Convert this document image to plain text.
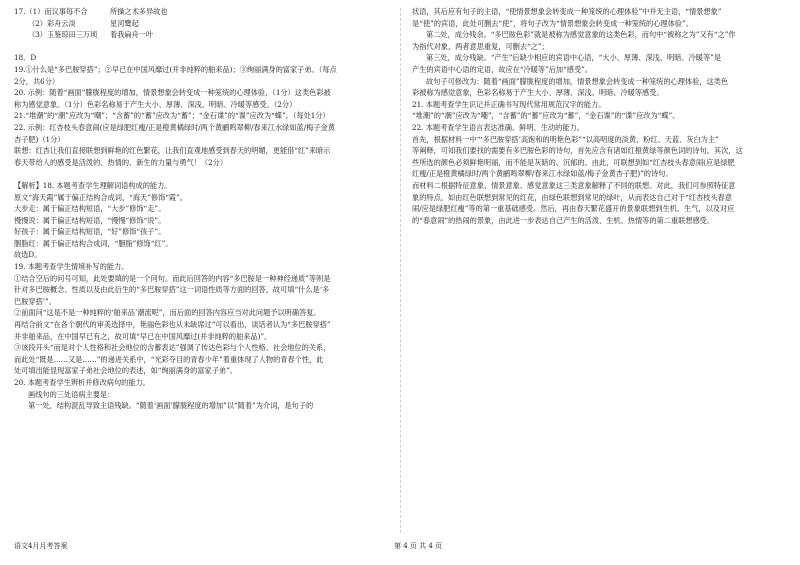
17.（1）而议事每不合	所操之术多异故也
（2）彩舟云淡	星河鹭起
（3）玉鉴琼田三万顷 着我扁舟一叶
18．D
19.①什么是“多巴胺穿搭”；②早已在中国风靡过(并非纯粹的舶来品)；③绚丽满身的富家子弟。（每点
2分，共6分）
20. 示例：随着“画面”朦胧程度的增加，情景想象会转变成一种笼统的心理体验，（1分）这类色彩被
称为感觉意象。（1分）色彩名称易于产生大小、厚薄、深浅、明暗、冷暖等感受。（2分）
21.“堆潮”的“潮”应改为“嘲”；“含蓄”的“蓄”应改为“蓄”；“金石谍”的“谍”应改为“蝶”。（每处1分）
22. 示例：红杏枝头春意闹(应是绿肥红瘦/正是橙黄橘绿时/两个黄鹂鸣翠柳/春来江水绿如蓝/梅子金黄
杏子肥)（1分）
联想：红杏让我们直接联想到鲜艳的红色繁花，让我们直观地感受到春天的明媚，更能借“红”来暗示
春天带给人的感受是活泼的、热情的、新生的力量与勇气！（2分）
【解析】18. 本题考查学生理解词语构成的能力。
原文“海天霞”属于偏正结构合成词，“海天”修饰“霞”。
大步走：属于偏正结构短语，“大步”修饰“走”。
慢慢说：属于偏正结构短语，“慢慢”修饰“说”。
好孩子：属于偏正结构短语，“好”修饰“孩子”。
胭脂红：属于偏正结构合成词，“胭脂”修饰“红”。
故选D。
19. 本题考查学生情境补写的能力。
①结合空后的问号可知，此处要填的是一个问句。而此后回答的内容“多巴胺是一种神经递质”等则是
针对多巴胺概念、性质以及由此衍生的“多巴胺穿搭”这一词语性质等方面的回答，故可填“什么是‘多
巴胺穿搭’”。
②前面问“这是不是一种纯粹的‘舶来品’潮流呢”，而后面的回答内容应当对此问题予以明确答复。
再结合前文“在各个朝代的审美选择中，艳丽色彩也从未缺席过”可以看出，谈话者认为“多巴胺穿搭”
并非舶来品，在中国早已有之，故可填“早已在中国风靡过(并非纯粹的舶来品)”。
③该段开头“而是对个人性格和社会地位的含蓄表达”强调了传达色彩与个人性格、社会地位的关系，
而此处“既是……又是……”的递进关系中，“光彩夺目的青春少年”着重体现了人物的青春个性，此
处可填出能显现富家子弟社会地位的表述，如“绚丽满身的富家子弟”。
20. 本题考查学生辨析并修改病句的能力。
画线句的三处语病主要是：
第一处，结构混乱导致主语残缺。“随着‘画面’朦胧程度的增加”以“随着”为介词，是句子的
状语，其后应有句子的主语，“使情景想象会转变成一种笼统的心理体验”中并无主语，“情景想象”
是“使”的宾语，此处可删去“使”，将句子改为“情景想象会转变成一种笼统的心理体验”。
第二处，成分残余。“多巴胺色彩”就是被称为感觉意象的这类色彩，而句中“被称之为”又有“之”作
为指代对象，两者意思重复，可删去“之”；
第三处，成分残缺。“产生”后缺少相应的宾语中心语，“大小、厚薄、深浅、明暗、冷暖等”是
产生的宾语中心语的定语，故应在“冷暖等”后加“感受”。
故句子可修改为：随着“画面”朦胧程度的增加，情景想象会转变成一种笼统的心理体验，这类色
彩被称为感觉意象，色彩名称易于产生大小、厚薄、深浅、明暗、冷暖等感受。
21. 本题考查学生识记并正确书写现代常用规范汉字的能力。
“堆潮”的“潮”应改为“嘲”，“含蓄”的“蓄”应改为“蓄”，“金石谍”的“谍”应改为“蝶”。
22. 本题考查学生语言表达准确、鲜明、生动的能力。
首先，根据材料一中“‘多巴胺穿搭’高饱和的明艳色彩”“以高明度的淡黄、粉红、天蓝、灰白为主”
等阐释，可知我们要找的需要有多巴胺色彩的诗句，首先应含有诸如红橙黄绿等颜色词的诗句。其次，这
些所选的颜色必须鲜艳明丽，而不能是灰暗的、沉郁的。由此，可联想到如“红杏枝头春意闹(应是绿肥
红瘦/正是橙黄橘绿时/两个黄鹂鸣翠柳/春来江水绿如蓝/梅子金黄杏子肥)”的诗句。
而材料二根据特征意象、情景意象、感觉意象这三类意象解释了不同的联想。对此，我们可参照特征意
象的特点，如由红色联想到常见的红花，由绿色联想到常见的绿叶，从而表达自己对于“红杏枝头春意
闹/应是绿肥红瘦”等的第一重基础感受。然后，再由春天繁花盛开的景象联想到生机、生气，以及对应
的“春意闹”的热闹的景象，由此进一步表达自己产生的活泼、生机、热情等的第二重联想感受。
语文4月月考答案	第 4 页 共 4 页
